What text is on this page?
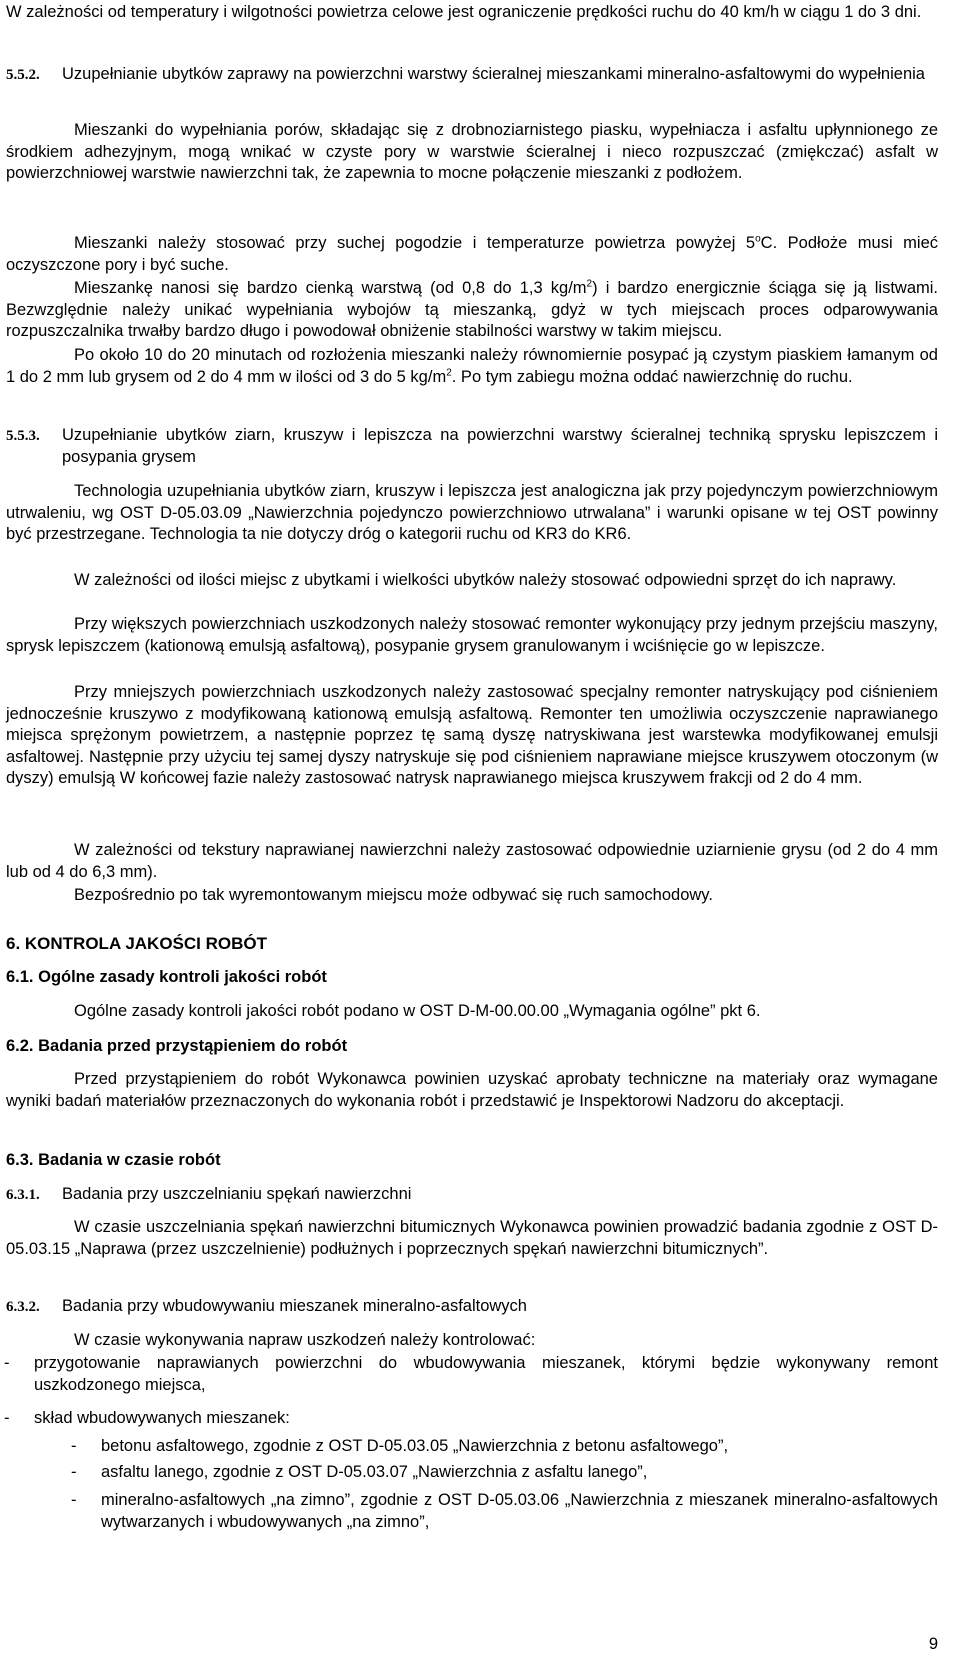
W zależności od temperatury i wilgotności powietrza celowe jest ograniczenie prędkości ruchu do 40 km/h w ciągu 1 do 3 dni.

5.5.2. Uzupełnianie ubytków zaprawy na powierzchni warstwy ścieralnej mieszankami mineralno-asfaltowymi do wypełnienia

Mieszanki do wypełniania porów, składając się z drobnoziarnistego piasku, wypełniacza i asfaltu upłynnionego ze środkiem adhezyjnym, mogą wnikać w czyste pory w warstwie ścieralnej i nieco rozpuszczać (zmiękczać) asfalt w powierzchniowej warstwie nawierzchni tak, że zapewnia to mocne połączenie mieszanki z podłożem.

Mieszanki należy stosować przy suchej pogodzie i temperaturze powietrza powyżej 5$^o$C. Podłoże musi mieć oczyszczone pory i być suche.

Mieszankę nanosi się bardzo cienką warstwą (od 0,8 do 1,3 $kg/m^2$) i bardzo energicznie ściąga się ją listwami. Bezwzględnie należy unikać wypełniania wybojów tą mieszanką, gdyż w tych miejscach proces odparowywania rozpuszczalnika trwałby bardzo długo i powodował obniżenie stabilności warstwy w takim miejscu.

Po około 10 do 20 minutach od rozłożenia mieszanki należy równomiernie posypać ją czystym piaskiem łamanym od 1 do 2 mm lub grysem od 2 do 4 mm w ilości od 3 do 5 $kg/m^2$. Po tym zabiegu można oddać nawierzchnię do ruchu.

5.5.3. Uzupełnianie ubytków ziarn, kruszyw i lepiszcza na powierzchni warstwy ścieralnej techniką sprysku lepiszczem i posypania grysem

Technologia uzupełniania ubytków ziarn, kruszyw i lepiszcza jest analogiczna jak przy pojedynczym powierzchniowym utrwaleniu, wg OST D-05.03.09 „Nawierzchnia pojedynczo powierzchniowo utrwalana” i warunki opisane w tej OST powinny być przestrzegane. Technologia ta nie dotyczy dróg o kategorii ruchu od KR3 do KR6.

W zależności od ilości miejsc z ubytkami i wielkości ubytków należy stosować odpowiedni sprzęt do ich naprawy.

Przy większych powierzchniach uszkodzonych należy stosować remonter wykonujący przy jednym przejściu maszyny, sprysk lepiszczem (kationową emulsją asfaltową), posypanie grysem granulowanym i wciśnięcie go w lepiszcze.

Przy mniejszych powierzchniach uszkodzonych należy zastosować specjalny remonter natryskujący pod ciśnieniem jednocześnie kruszywo z modyfikowaną kationową emulsją asfaltową. Remonter ten umożliwia oczyszczenie naprawianego miejsca sprężonym powietrzem, a następnie poprzez tę samą dyszę natryskiwana jest warstewka modyfikowanej emulsji asfaltowej. Następnie przy użyciu tej samej dyszy natryskuje się pod ciśnieniem naprawiane miejsce kruszywem otoczonym (w dyszy) emulsją W końcowej fazie należy zastosować natrysk naprawianego miejsca kruszywem frakcji od 2 do 4 mm.

W zależności od tekstury naprawianej nawierzchni należy zastosować odpowiednie uziarnienie grysu (od 2 do 4 mm lub od 4 do 6,3 mm).

Bezpośrednio po tak wyremontowanym miejscu może odbywać się ruch samochodowy.

6. KONTROLA JAKOŚCI ROBÓT

6.1. Ogólne zasady kontroli jakości robót

Ogólne zasady kontroli jakości robót podano w OST D-M-00.00.00 „Wymagania ogólne” pkt 6.

6.2. Badania przed przystąpieniem do robót

Przed przystąpieniem do robót Wykonawca powinien uzyskać aprobaty techniczne na materiały oraz wymagane wyniki badań materiałów przeznaczonych do wykonania robót i przedstawić je Inspektorowi Nadzoru do akceptacji.

6.3. Badania w czasie robót

6.3.1. Badania przy uszczelnianiu spękań nawierzchni

W czasie uszczelniania spękań nawierzchni bitumicznych Wykonawca powinien prowadzić badania zgodnie z OST D-05.03.15 „Naprawa (przez uszczelnienie) podłużnych i poprzecznych spękań nawierzchni bitumicznych”.

6.3.2. Badania przy wbudowywaniu mieszanek mineralno-asfaltowych

W czasie wykonywania napraw uszkodzeń należy kontrolować:

- przygotowanie naprawianych powierzchni do wbudowywania mieszanek, którymi będzie wykonywany remont uszkodzonego miejsca,

- skład wbudowywanych mieszanek:

- betonu asfaltowego, zgodnie z OST D-05.03.05 „Nawierzchnia z betonu asfaltowego”,

- asfaltu lanego, zgodnie z OST D-05.03.07 „Nawierzchnia z asfaltu lanego”,

- mineralno-asfaltowych „na zimno”, zgodnie z OST D-05.03.06 „Nawierzchnia z mieszanek mineralno-asfaltowych wytwarzanych i wbudowywanych „na zimno”,

9
